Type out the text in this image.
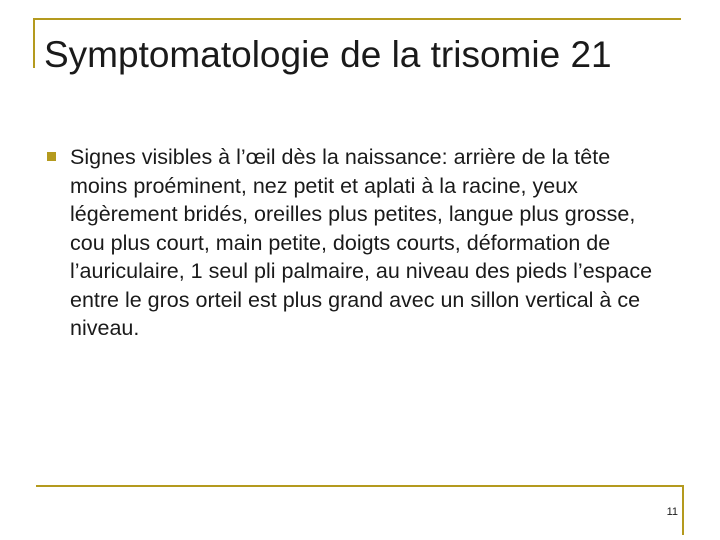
Symptomatologie de la trisomie 21
Signes visibles à l’œil dès la naissance: arrière de la tête moins proéminent, nez petit et aplati à la racine, yeux légèrement bridés, oreilles plus petites, langue plus grosse, cou plus court, main petite, doigts courts, déformation de l’auriculaire, 1 seul pli palmaire, au niveau des pieds l’espace entre le gros orteil est plus grand avec un sillon vertical à ce niveau.
11
